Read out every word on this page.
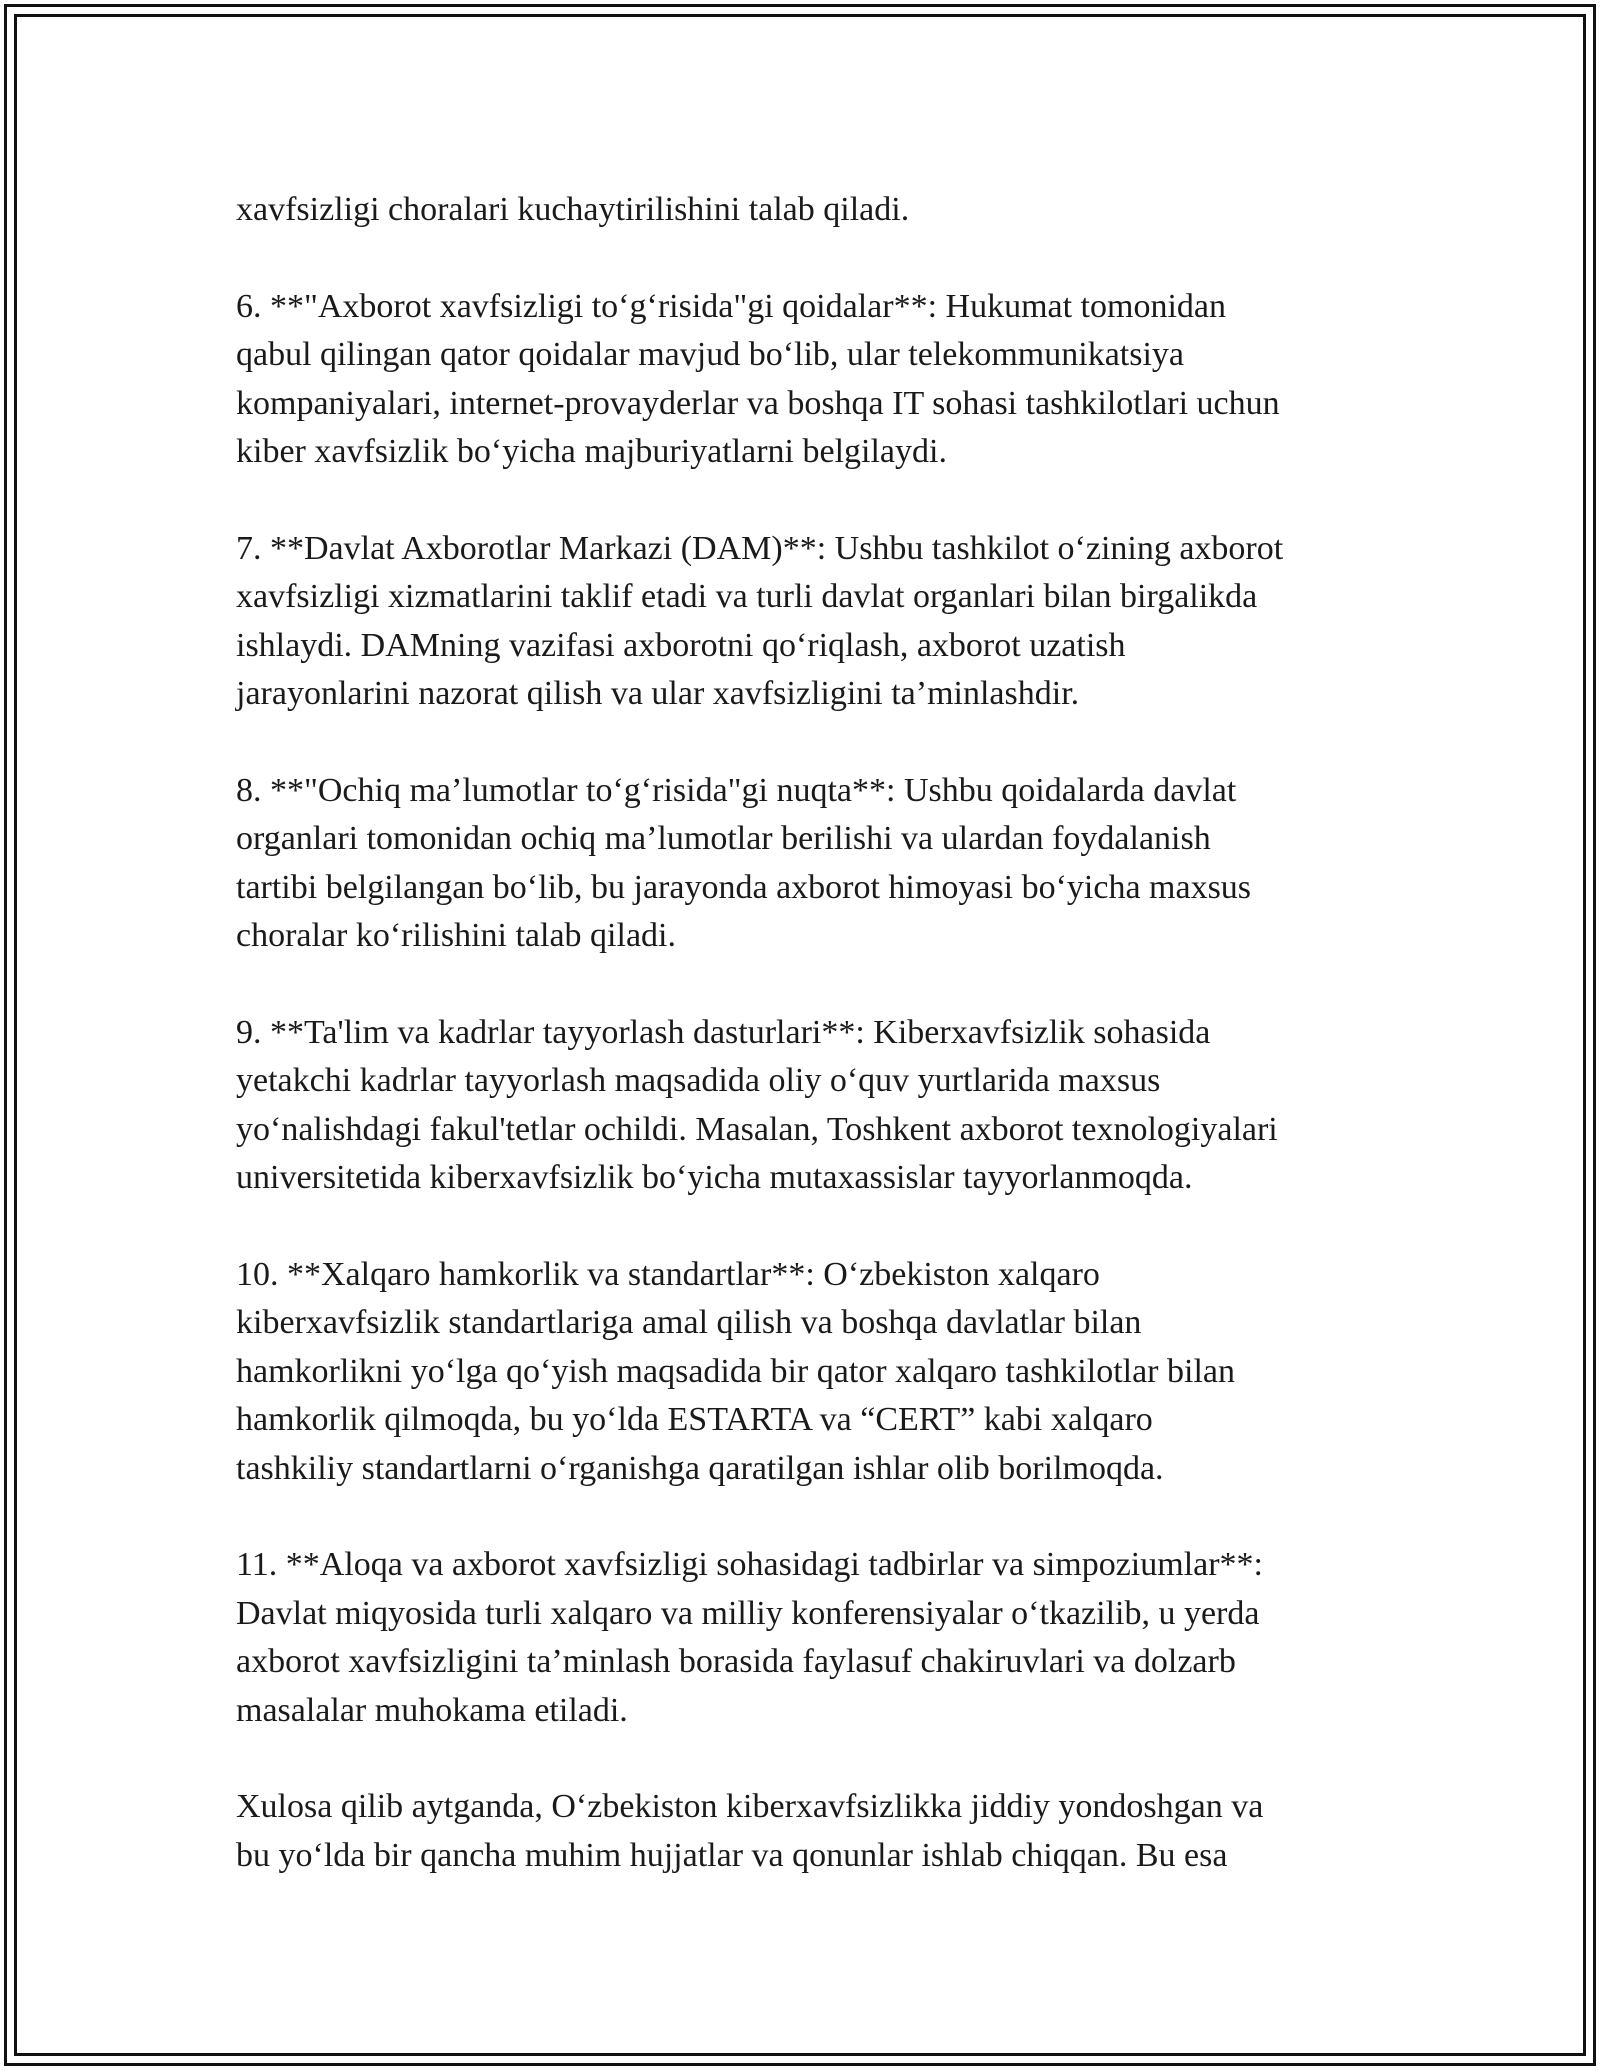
xavfsizligi choralari kuchaytirilishini talab qiladi.

6. **"Axborot xavfsizligi to‘g‘risida"gi qoidalar**: Hukumat tomonidan
qabul qilingan qator qoidalar mavjud bo‘lib, ular telekommunikatsiya
kompaniyalari, internet-provayderlar va boshqa IT sohasi tashkilotlari uchun
kiber xavfsizlik bo‘yicha majburiyatlarni belgilaydi.

7. **Davlat Axborotlar Markazi (DAM)**: Ushbu tashkilot o‘zining axborot
xavfsizligi xizmatlarini taklif etadi va turli davlat organlari bilan birgalikda
ishlaydi. DAMning vazifasi axborotni qo‘riqlash, axborot uzatish
jarayonlarini nazorat qilish va ular xavfsizligini ta’minlashdir.

8. **"Ochiq ma’lumotlar to‘g‘risida"gi nuqta**: Ushbu qoidalarda davlat
organlari tomonidan ochiq ma’lumotlar berilishi va ulardan foydalanish
tartibi belgilangan bo‘lib, bu jarayonda axborot himoyasi bo‘yicha maxsus
choralar ko‘rilishini talab qiladi.

9. **Ta'lim va kadrlar tayyorlash dasturlari**: Kiberxavfsizlik sohasida
yetakchi kadrlar tayyorlash maqsadida oliy o‘quv yurtlarida maxsus
yo‘nalishdagi fakul'tetlar ochildi. Masalan, Toshkent axborot texnologiyalari
universitetida kiberxavfsizlik bo‘yicha mutaxassislar tayyorlanmoqda.

10. **Xalqaro hamkorlik va standartlar**: O‘zbekiston xalqaro
kiberxavfsizlik standartlariga amal qilish va boshqa davlatlar bilan
hamkorlikni yo‘lga qo‘yish maqsadida bir qator xalqaro tashkilotlar bilan
hamkorlik qilmoqda, bu yo‘lda ESTARTA va “CERT” kabi xalqaro
tashkiliy standartlarni o‘rganishga qaratilgan ishlar olib borilmoqda.

11. **Aloqa va axborot xavfsizligi sohasidagi tadbirlar va simpoziumlar**:
Davlat miqyosida turli xalqaro va milliy konferensiyalar o‘tkazilib, u yerda
axborot xavfsizligini ta’minlash borasida faylasuf chakiruvlari va dolzarb
masalalar muhokama etiladi.

Xulosa qilib aytganda, O‘zbekiston kiberxavfsizlikka jiddiy yondoshgan va
bu yo‘lda bir qancha muhim hujjatlar va qonunlar ishlab chiqqan. Bu esa
